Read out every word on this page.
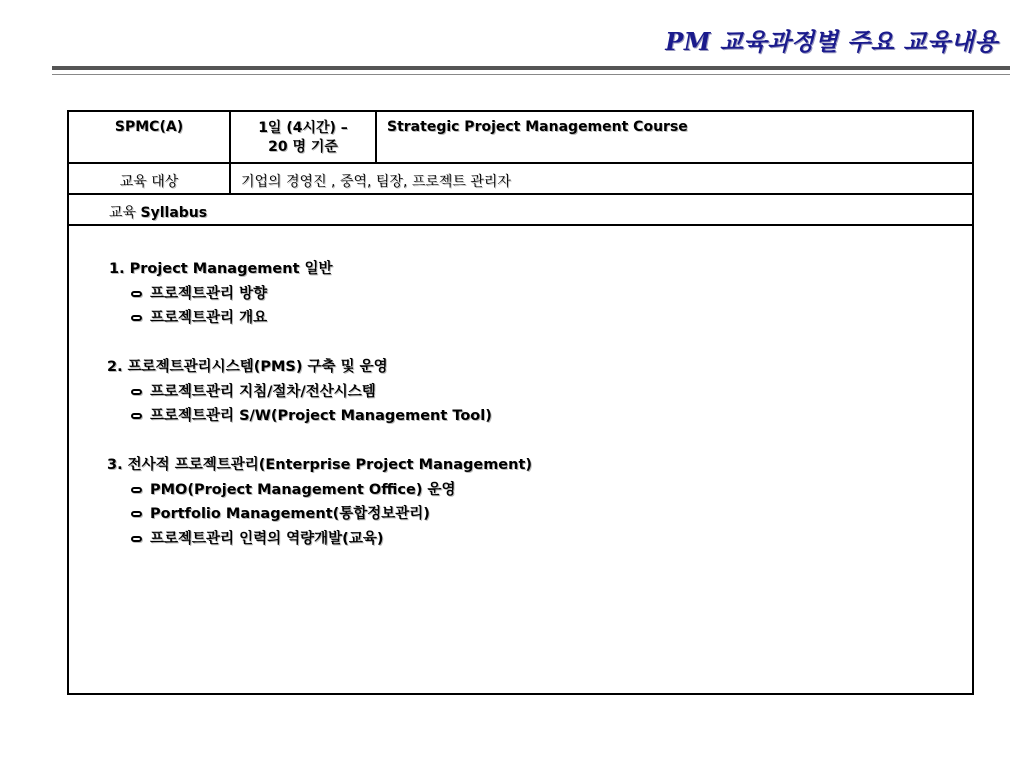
PM 교육과정별 주요 교육내용
SPMC(A)	1일 (4시간) –
20 명 기준
Strategic Project Management Course
교육 대상	기업의 경영진 , 중역, 팀장, 프로젝트 관리자
교육 Syllabus
1. Project Management 일반
프로젝트관리 방향
프로젝트관리 개요
2. 프로젝트관리시스템(PMS) 구축 및 운영
프로젝트관리 지침/절차/전산시스템
프로젝트관리 S/W(Project Management Tool)
3. 전사적 프로젝트관리(Enterprise Project Management)
PMO(Project Management Office) 운영
Portfolio Management(통합정보관리)
프로젝트관리 인력의 역량개발(교육)
